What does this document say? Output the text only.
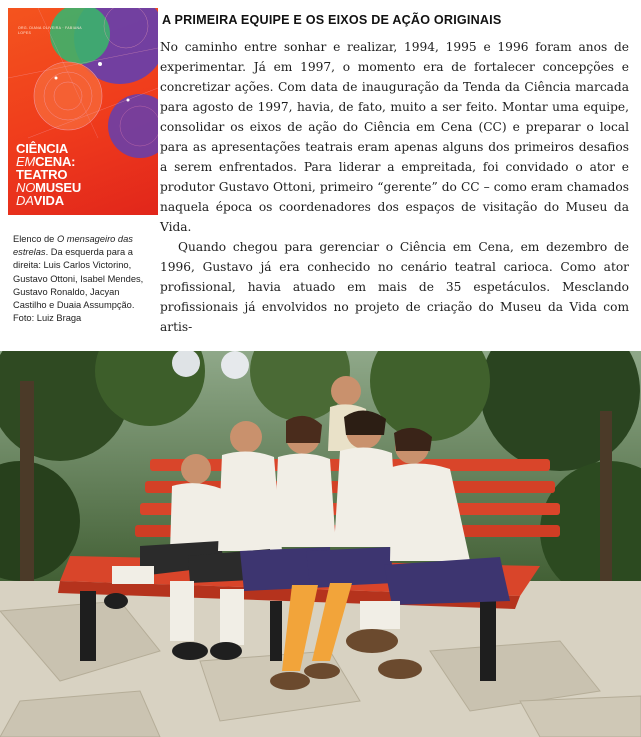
ORG. DIANA OLIVEIRA · FABIANA LOPES
CIÊNCIA
EMCENA:
TEATRO
NOMUSEU
DAVIDA
Elenco de O mensageiro das estrelas. Da esquerda para a direita: Luis Carlos Victorino, Gustavo Ottoni, Isabel Mendes, Gustavo Ronaldo, Jacyan Castilho e Duaia Assumpção. Foto: Luiz Braga
A PRIMEIRA EQUIPE E OS EIXOS DE AÇÃO ORIGINAIS

No caminho entre sonhar e realizar, 1994, 1995 e 1996 foram anos de experimentar. Já em 1997, o momento era de fortalecer concepções e concretizar ações. Com data de inauguração da Tenda da Ciência marcada para agosto de 1997, havia, de fato, muito a ser feito. Montar uma equipe, consolidar os eixos de ação do Ciência em Cena (CC) e preparar o local para as apresentações teatrais eram apenas alguns dos primeiros desafios a serem enfrentados. Para liderar a empreitada, foi convidado o ator e produtor Gustavo Ottoni, primeiro “gerente” do CC – como eram chamados naquela época os coordenadores dos espaços de visitação do Museu da Vida.

Quando chegou para gerenciar o Ciência em Cena, em dezembro de 1996, Gustavo já era conhecido no cenário teatral carioca. Como ator profissional, havia atuado em mais de 35 espetáculos. Mesclando profissionais já envolvidos no projeto de criação do Museu da Vida com artis-
